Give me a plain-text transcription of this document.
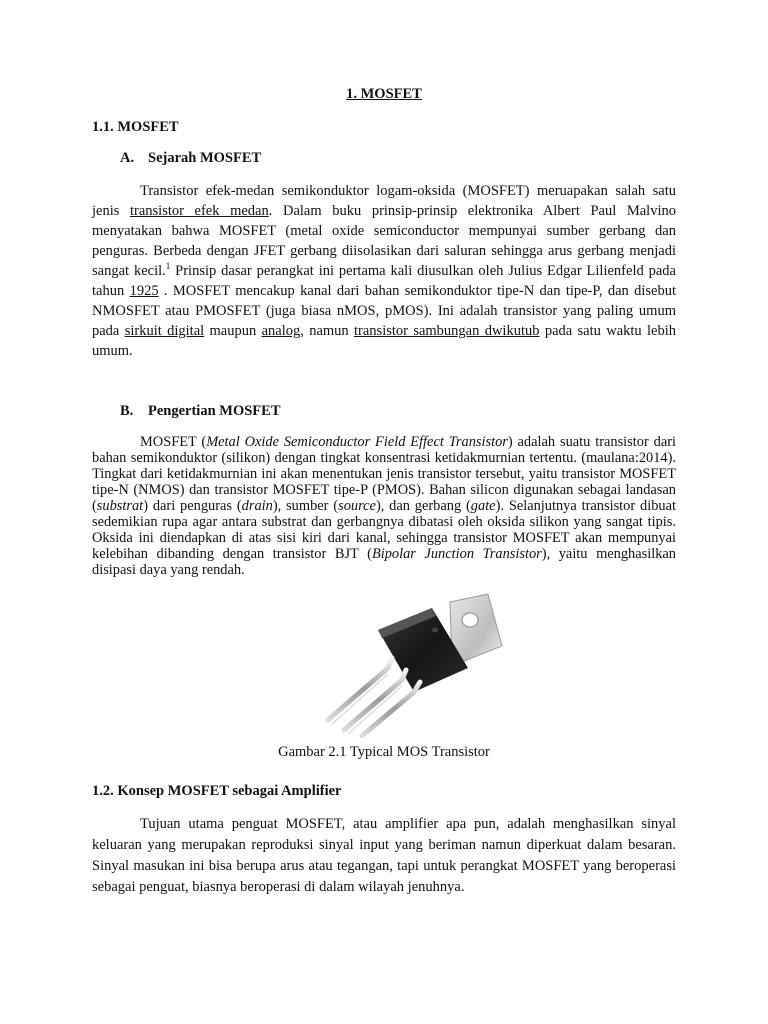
1. MOSFET
1.1. MOSFET
A. Sejarah MOSFET

Transistor efek-medan semikonduktor logam-oksida (MOSFET) meruapakan salah satu jenis transistor efek medan. Dalam buku prinsip-prinsip elektronika Albert Paul Malvino menyatakan bahwa MOSFET (metal oxide semiconductor mempunyai sumber gerbang dan penguras. Berbeda dengan JFET gerbang diisolasikan dari saluran sehingga arus gerbang menjadi sangat kecil.$^1$ Prinsip dasar perangkat ini pertama kali diusulkan oleh Julius Edgar Lilienfeld pada tahun 1925 . MOSFET mencakup kanal dari bahan semikonduktor tipe-N dan tipe-P, dan disebut NMOSFET atau PMOSFET (juga biasa nMOS, pMOS). Ini adalah transistor yang paling umum pada sirkuit digital maupun analog, namun transistor sambungan dwikutub pada satu waktu lebih umum.

B. Pengertian MOSFET

MOSFET (Metal Oxide Semiconductor Field Effect Transistor) adalah suatu transistor dari bahan semikonduktor (silikon) dengan tingkat konsentrasi ketidakmurnian tertentu. (maulana:2014). Tingkat dari ketidakmurnian ini akan menentukan jenis transistor tersebut, yaitu transistor MOSFET tipe-N (NMOS) dan transistor MOSFET tipe-P (PMOS). Bahan silicon digunakan sebagai landasan (substrat) dari penguras (drain), sumber (source), dan gerbang (gate). Selanjutnya transistor dibuat sedemikian rupa agar antara substrat dan gerbangnya dibatasi oleh oksida silikon yang sangat tipis. Oksida ini diendapkan di atas sisi kiri dari kanal, sehingga transistor MOSFET akan mempunyai kelebihan dibanding dengan transistor BJT (Bipolar Junction Transistor), yaitu menghasilkan disipasi daya yang rendah.

Gambar 2.1 Typical MOS Transistor
1.2. Konsep MOSFET sebagai Amplifier

Tujuan utama penguat MOSFET, atau amplifier apa pun, adalah menghasilkan sinyal keluaran yang merupakan reproduksi sinyal input yang beriman namun diperkuat dalam besaran. Sinyal masukan ini bisa berupa arus atau tegangan, tapi untuk perangkat MOSFET yang beroperasi sebagai penguat, biasnya beroperasi di dalam wilayah jenuhnya.
